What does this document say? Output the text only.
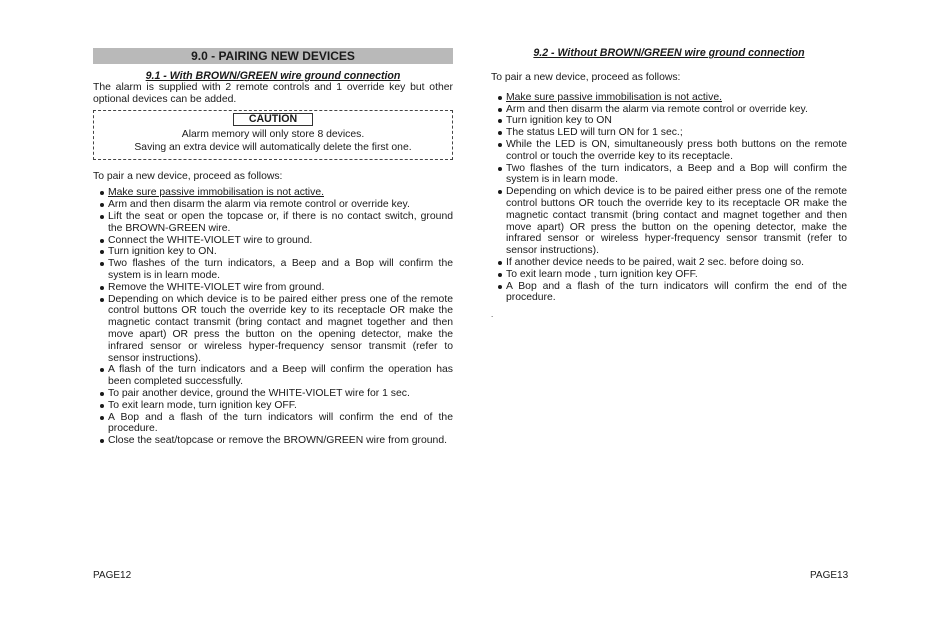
9.0 - PAIRING NEW DEVICES
9.1 - With BROWN/GREEN wire ground connection

The alarm is supplied with 2 remote controls and 1 override key but other optional devices can be added.

CAUTION
Alarm memory will only store 8 devices.
Saving an extra device will automatically delete the first one.

To pair a new device, proceed as follows:

Make sure passive immobilisation is not active.
Arm and then disarm the alarm via remote control or override key.
Lift the seat or open the topcase or, if there is no contact switch, ground the BROWN-GREEN wire.
Connect the WHITE-VIOLET wire to ground.
Turn ignition key to ON.
Two flashes of the turn indicators, a Beep and a Bop will confirm the system is in learn mode.
Remove the WHITE-VIOLET wire from ground.
Depending on which device is to be paired either press one of the remote control buttons OR touch the override key to its receptacle OR make the magnetic contact transmit (bring contact and magnet together and then move apart) OR press the button on the opening detector, make the infrared sensor or wireless hyper-frequency sensor transmit (refer to sensor instructions).
A flash of the turn indicators and a Beep will confirm the operation has been completed successfully.
To pair another device, ground the WHITE-VIOLET wire for 1 sec.
To exit learn mode, turn ignition key OFF.
A Bop and a flash of the turn indicators will confirm the end of the procedure.
Close the seat/topcase or remove the BROWN/GREEN wire from ground.
9.2 - Without BROWN/GREEN wire ground connection

To pair a new device, proceed as follows:

Make sure passive immobilisation is not active.
Arm and then disarm the alarm via remote control or override key.
Turn ignition key to ON
The status LED will turn ON for 1 sec.;
While the LED is ON, simultaneously press both buttons on the remote control or touch the override key to its receptacle.
Two flashes of the turn indicators, a Beep and a Bop will confirm the system is in learn mode.
Depending on which device is to be paired either press one of the remote control buttons OR touch the override key to its receptacle OR make the magnetic contact transmit (bring contact and magnet together and then move apart) OR press the button on the opening detector, make the infrared sensor or wireless hyper-frequency sensor transmit (refer to sensor instructions).
If another device needs to be paired, wait 2 sec. before doing so.
To exit learn mode , turn ignition key OFF.
A Bop and a flash of the turn indicators will confirm the end of the procedure.
.
PAGE12	PAGE13
